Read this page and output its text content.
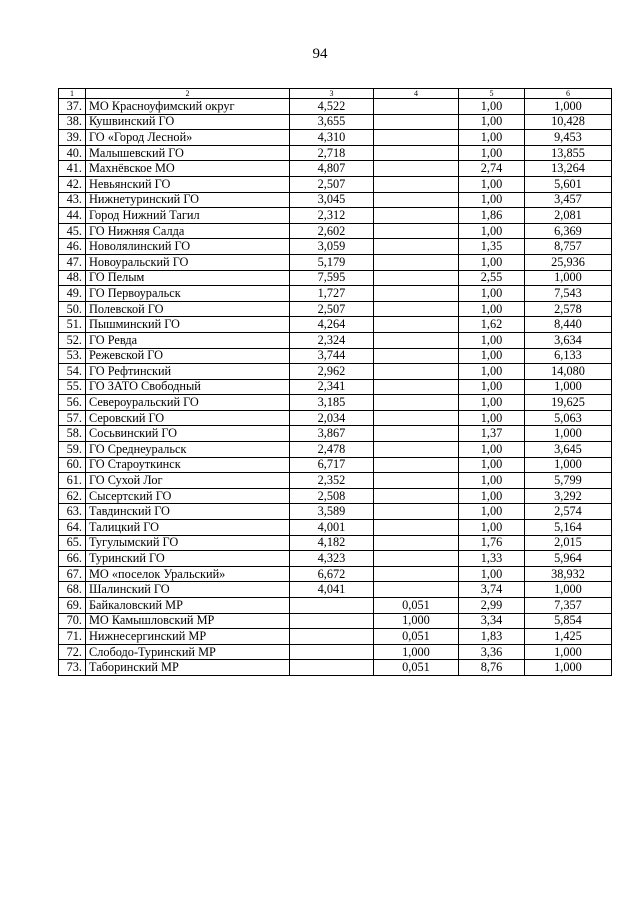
94
1	2	3	4	5	6
37.	МО Красноуфимский округ	4,522		1,00	1,000
38.	Кушвинский ГО	3,655		1,00	10,428
39.	ГО «Город Лесной»	4,310		1,00	9,453
40.	Малышевский ГО	2,718		1,00	13,855
41.	Махнёвское МО	4,807		2,74	13,264
42.	Невьянский ГО	2,507		1,00	5,601
43.	Нижнетуринский ГО	3,045		1,00	3,457
44.	Город Нижний Тагил	2,312		1,86	2,081
45.	ГО Нижняя Салда	2,602		1,00	6,369
46.	Новолялинский ГО	3,059		1,35	8,757
47.	Новоуральский ГО	5,179		1,00	25,936
48.	ГО Пелым	7,595		2,55	1,000
49.	ГО Первоуральск	1,727		1,00	7,543
50.	Полевской ГО	2,507		1,00	2,578
51.	Пышминский ГО	4,264		1,62	8,440
52.	ГО Ревда	2,324		1,00	3,634
53.	Режевской ГО	3,744		1,00	6,133
54.	ГО Рефтинский	2,962		1,00	14,080
55.	ГО ЗАТО Свободный	2,341		1,00	1,000
56.	Североуральский ГО	3,185		1,00	19,625
57.	Серовский ГО	2,034		1,00	5,063
58.	Сосьвинский ГО	3,867		1,37	1,000
59.	ГО Среднеуральск	2,478		1,00	3,645
60.	ГО Староуткинск	6,717		1,00	1,000
61.	ГО Сухой Лог	2,352		1,00	5,799
62.	Сысертский ГО	2,508		1,00	3,292
63.	Тавдинский ГО	3,589		1,00	2,574
64.	Талицкий ГО	4,001		1,00	5,164
65.	Тугулымский ГО	4,182		1,76	2,015
66.	Туринский ГО	4,323		1,33	5,964
67.	МО «поселок Уральский»	6,672		1,00	38,932
68.	Шалинский ГО	4,041		3,74	1,000
69.	Байкаловский МР		0,051	2,99	7,357
70.	МО Камышловский МР		1,000	3,34	5,854
71.	Нижнесергинский МР		0,051	1,83	1,425
72.	Слободо-Туринский МР		1,000	3,36	1,000
73.	Таборинский МР		0,051	8,76	1,000
